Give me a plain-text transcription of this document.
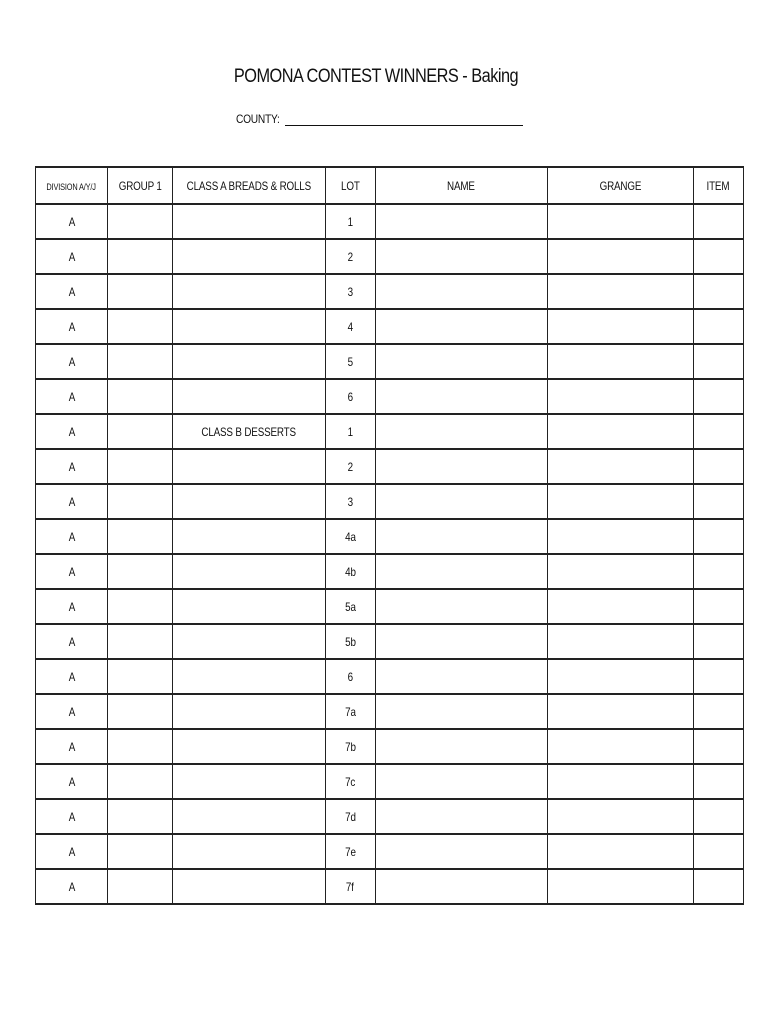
POMONA CONTEST WINNERS - Baking
COUNTY:
DIVISION A/Y/J	GROUP 1	CLASS A BREADS & ROLLS	LOT	NAME	GRANGE	ITEM
A			1			
A			2			
A			3			
A			4			
A			5			
A			6			
A		CLASS B DESSERTS	1			
A			2			
A			3			
A			4a			
A			4b			
A			5a			
A			5b			
A			6			
A			7a			
A			7b			
A			7c			
A			7d			
A			7e			
A			7f			
